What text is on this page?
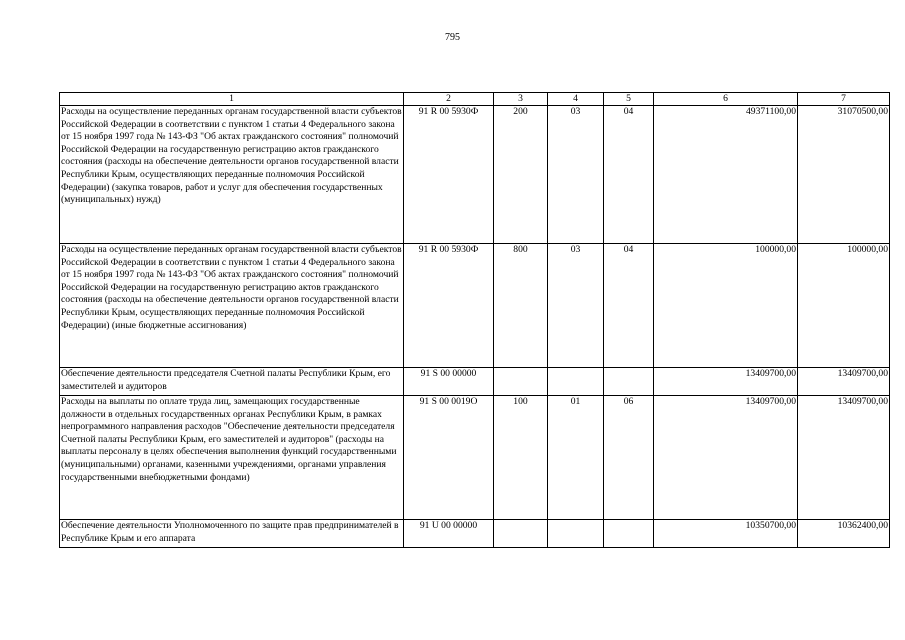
795
1	2	3	4	5	6	7
Расходы на осуществление переданных органам государственной власти субъектов Российской Федерации в соответствии с пунктом 1 статьи 4 Федерального закона от 15 ноября 1997 года № 143-ФЗ "Об актах гражданского состояния" полномочий Российской Федерации на государственную регистрацию актов гражданского состояния (расходы на обеспечение деятельности органов государственной власти Республики Крым, осуществляющих переданные полномочия Российской Федерации) (закупка товаров, работ и услуг для обеспечения государственных (муниципальных) нужд)	91 R 00 5930Ф	200	03	04	49371100,00	31070500,00
Расходы на осуществление переданных органам государственной власти субъектов Российской Федерации в соответствии с пунктом 1 статьи 4 Федерального закона от 15 ноября 1997 года № 143-ФЗ "Об актах гражданского состояния" полномочий Российской Федерации на государственную регистрацию актов гражданского состояния (расходы на обеспечение деятельности органов государственной власти Республики Крым, осуществляющих переданные полномочия Российской Федерации) (иные бюджетные ассигнования)	91 R 00 5930Ф	800	03	04	100000,00	100000,00
Обеспечение деятельности председателя Счетной палаты Республики Крым, его заместителей и аудиторов	91 S 00 00000				13409700,00	13409700,00
Расходы на выплаты по оплате труда лиц, замещающих государственные должности в отдельных государственных органах Республики Крым, в рамках непрограммного направления расходов "Обеспечение деятельности председателя Счетной палаты Республики Крым, его заместителей и аудиторов" (расходы на выплаты персоналу в целях обеспечения выполнения функций государственными (муниципальными) органами, казенными учреждениями, органами управления государственными внебюджетными фондами)	91 S 00 0019О	100	01	06	13409700,00	13409700,00
Обеспечение деятельности Уполномоченного по защите прав предпринимателей в Республике Крым и его аппарата	91 U 00 00000				10350700,00	10362400,00
